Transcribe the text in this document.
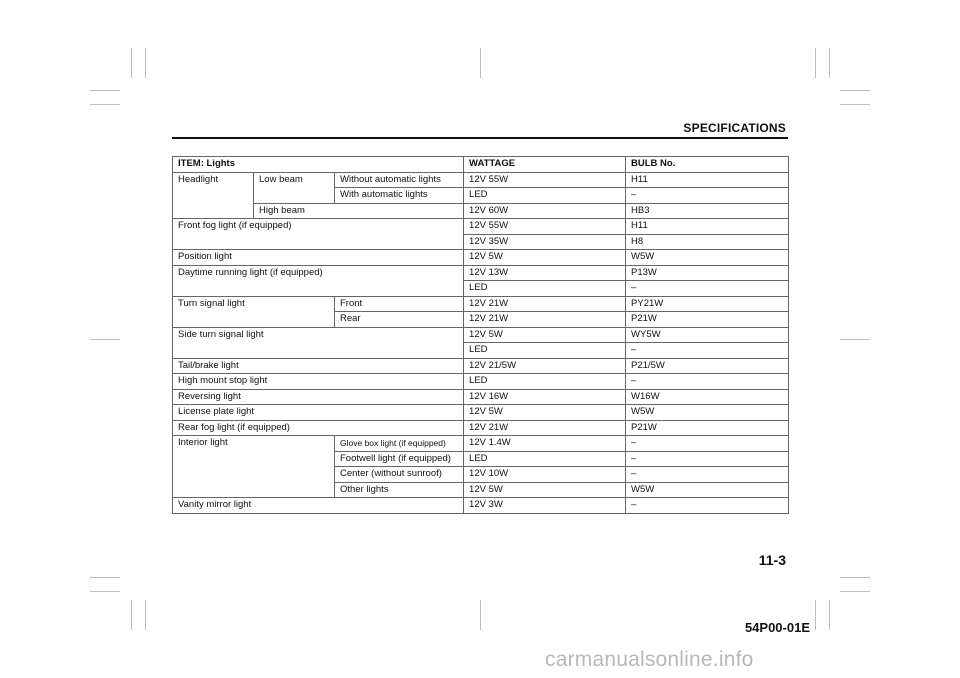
SPECIFICATIONS
ITEM: Lights			WATTAGE	BULB No.
Headlight	Low beam	Without automatic lights	12V 55W	H11
		With automatic lights	LED	–
	High beam		12V 60W	HB3
Front fog light (if equipped)			12V 55W	H11
			12V 35W	H8
Position light			12V 5W	W5W
Daytime running light (if equipped)			12V 13W	P13W
			LED	–
Turn signal light		Front	12V 21W	PY21W
		Rear	12V 21W	P21W
Side turn signal light			12V 5W	WY5W
			LED	–
Tail/brake light			12V 21/5W	P21/5W
High mount stop light			LED	–
Reversing light			12V 16W	W16W
License plate light			12V 5W	W5W
Rear fog light (if equipped)			12V 21W	P21W
Interior light		Glove box light (if equipped)	12V 1.4W	–
		Footwell light (if equipped)	LED	–
		Center (without sunroof)	12V 10W	–
		Other lights	12V 5W	W5W
Vanity mirror light			12V 3W	–
11-3
54P00-01E
carmanualsonline.info
